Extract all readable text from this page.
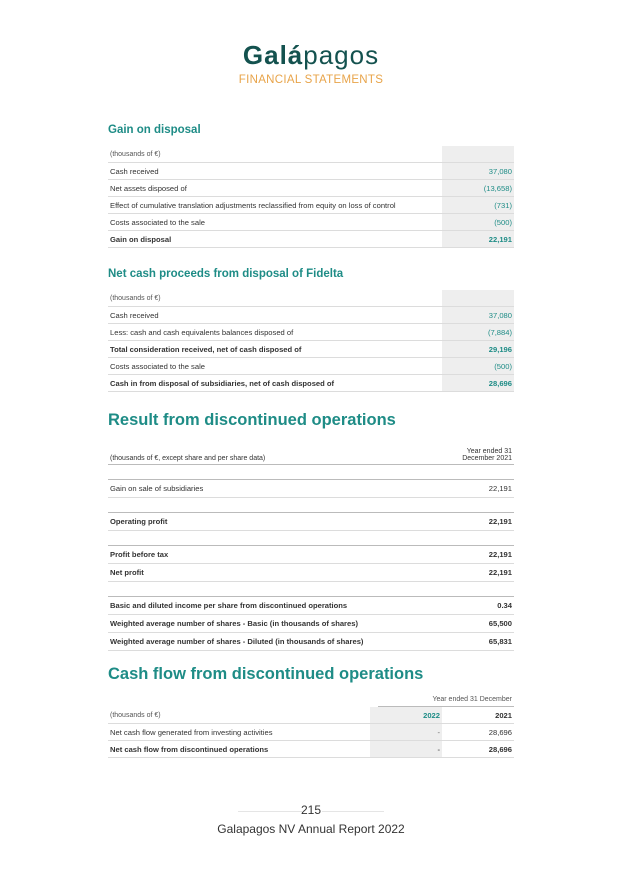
Galápagos
FINANCIAL STATEMENTS
Gain on disposal
(thousands of €)	
Cash received	37,080
Net assets disposed of	(13,658)
Effect of cumulative translation adjustments reclassified from equity on loss of control	(731)
Costs associated to the sale	(500)
Gain on disposal	22,191
Net cash proceeds from disposal of Fidelta
(thousands of €)	
Cash received	37,080
Less: cash and cash equivalents balances disposed of	(7,884)
Total consideration received, net of cash disposed of	29,196
Costs associated to the sale	(500)
Cash in from disposal of subsidiaries, net of cash disposed of	28,696
Result from discontinued operations
(thousands of €, except share and per share data)	Year ended 31
December 2021

Gain on sale of subsidiaries	22,191

Operating profit	22,191

Profit before tax	22,191
Net profit	22,191

Basic and diluted income per share from discontinued operations	0.34
Weighted average number of shares - Basic (in thousands of shares)	65,500
Weighted average number of shares - Diluted (in thousands of shares)	65,831
Cash flow from discontinued operations
Year ended 31 December
(thousands of €)	2022	2021
Net cash flow generated from investing activities	-	28,696
Net cash flow from discontinued operations	-	28,696
215
Galapagos NV Annual Report 2022
